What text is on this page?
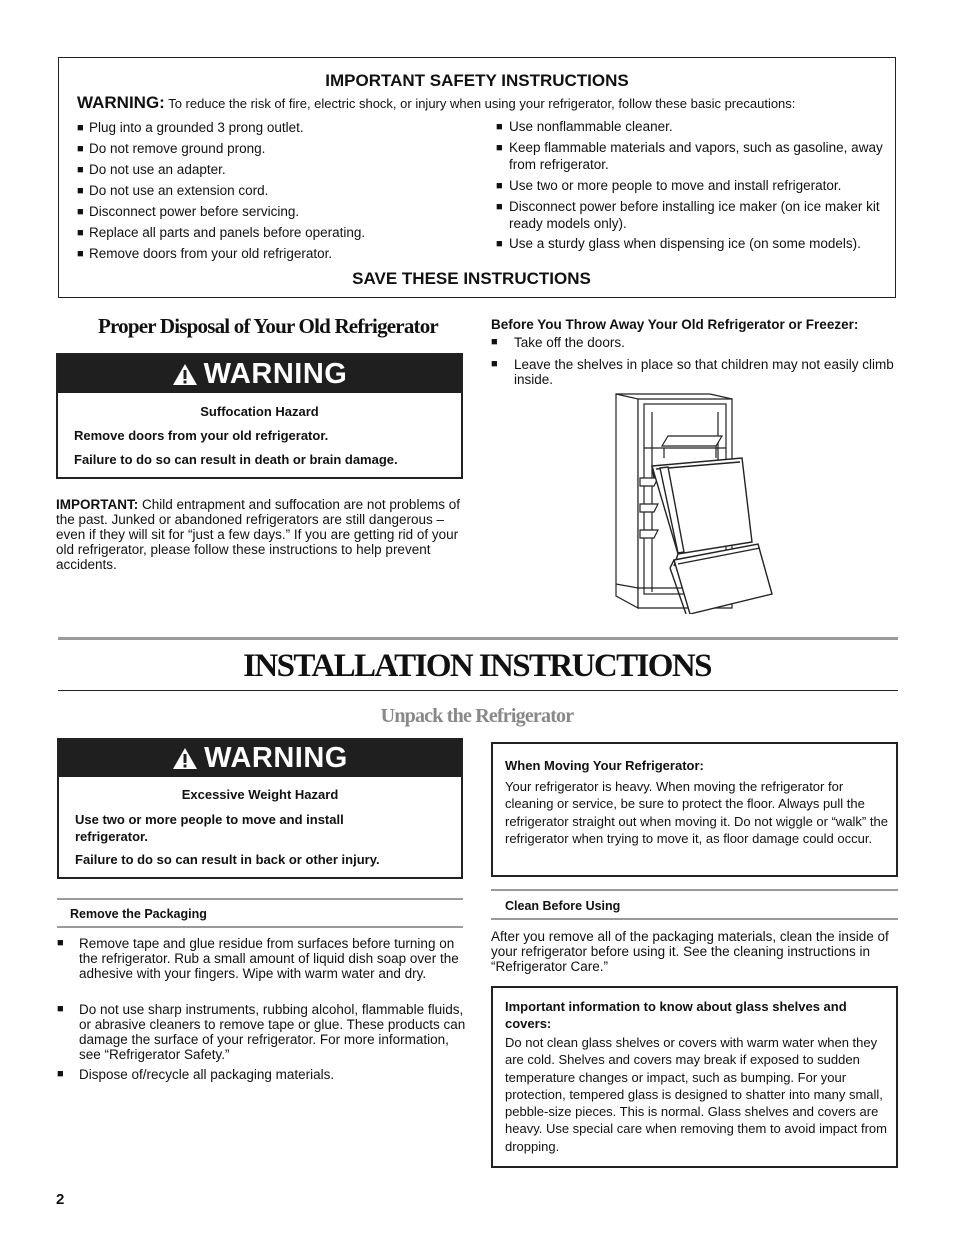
IMPORTANT SAFETY INSTRUCTIONS
WARNING: To reduce the risk of fire, electric shock, or injury when using your refrigerator, follow these basic precautions:
■ Plug into a grounded 3 prong outlet.
■ Do not remove ground prong.
■ Do not use an adapter.
■ Do not use an extension cord.
■ Disconnect power before servicing.
■ Replace all parts and panels before operating.
■ Remove doors from your old refrigerator.
■ Use nonflammable cleaner.
■ Keep flammable materials and vapors, such as gasoline, away from refrigerator.
■ Use two or more people to move and install refrigerator.
■ Disconnect power before installing ice maker (on ice maker kit ready models only).
■ Use a sturdy glass when dispensing ice (on some models).
SAVE THESE INSTRUCTIONS
Proper Disposal of Your Old Refrigerator
WARNING
Suffocation Hazard
Remove doors from your old refrigerator.
Failure to do so can result in death or brain damage.
IMPORTANT: Child entrapment and suffocation are not problems of the past. Junked or abandoned refrigerators are still dangerous – even if they will sit for “just a few days.” If you are getting rid of your old refrigerator, please follow these instructions to help prevent accidents.
Before You Throw Away Your Old Refrigerator or Freezer:
■ Take off the doors.
■ Leave the shelves in place so that children may not easily climb inside.
INSTALLATION INSTRUCTIONS
Unpack the Refrigerator
WARNING
Excessive Weight Hazard
Use two or more people to move and install refrigerator.
Failure to do so can result in back or other injury.
When Moving Your Refrigerator:
Your refrigerator is heavy. When moving the refrigerator for cleaning or service, be sure to protect the floor. Always pull the refrigerator straight out when moving it. Do not wiggle or “walk” the refrigerator when trying to move it, as floor damage could occur.
Remove the Packaging
■ Remove tape and glue residue from surfaces before turning on the refrigerator. Rub a small amount of liquid dish soap over the adhesive with your fingers. Wipe with warm water and dry.
■ Do not use sharp instruments, rubbing alcohol, flammable fluids, or abrasive cleaners to remove tape or glue. These products can damage the surface of your refrigerator. For more information, see “Refrigerator Safety.”
■ Dispose of/recycle all packaging materials.
Clean Before Using
After you remove all of the packaging materials, clean the inside of your refrigerator before using it. See the cleaning instructions in “Refrigerator Care.”
Important information to know about glass shelves and covers:
Do not clean glass shelves or covers with warm water when they are cold. Shelves and covers may break if exposed to sudden temperature changes or impact, such as bumping. For your protection, tempered glass is designed to shatter into many small, pebble-size pieces. This is normal. Glass shelves and covers are heavy. Use special care when removing them to avoid impact from dropping.
2
